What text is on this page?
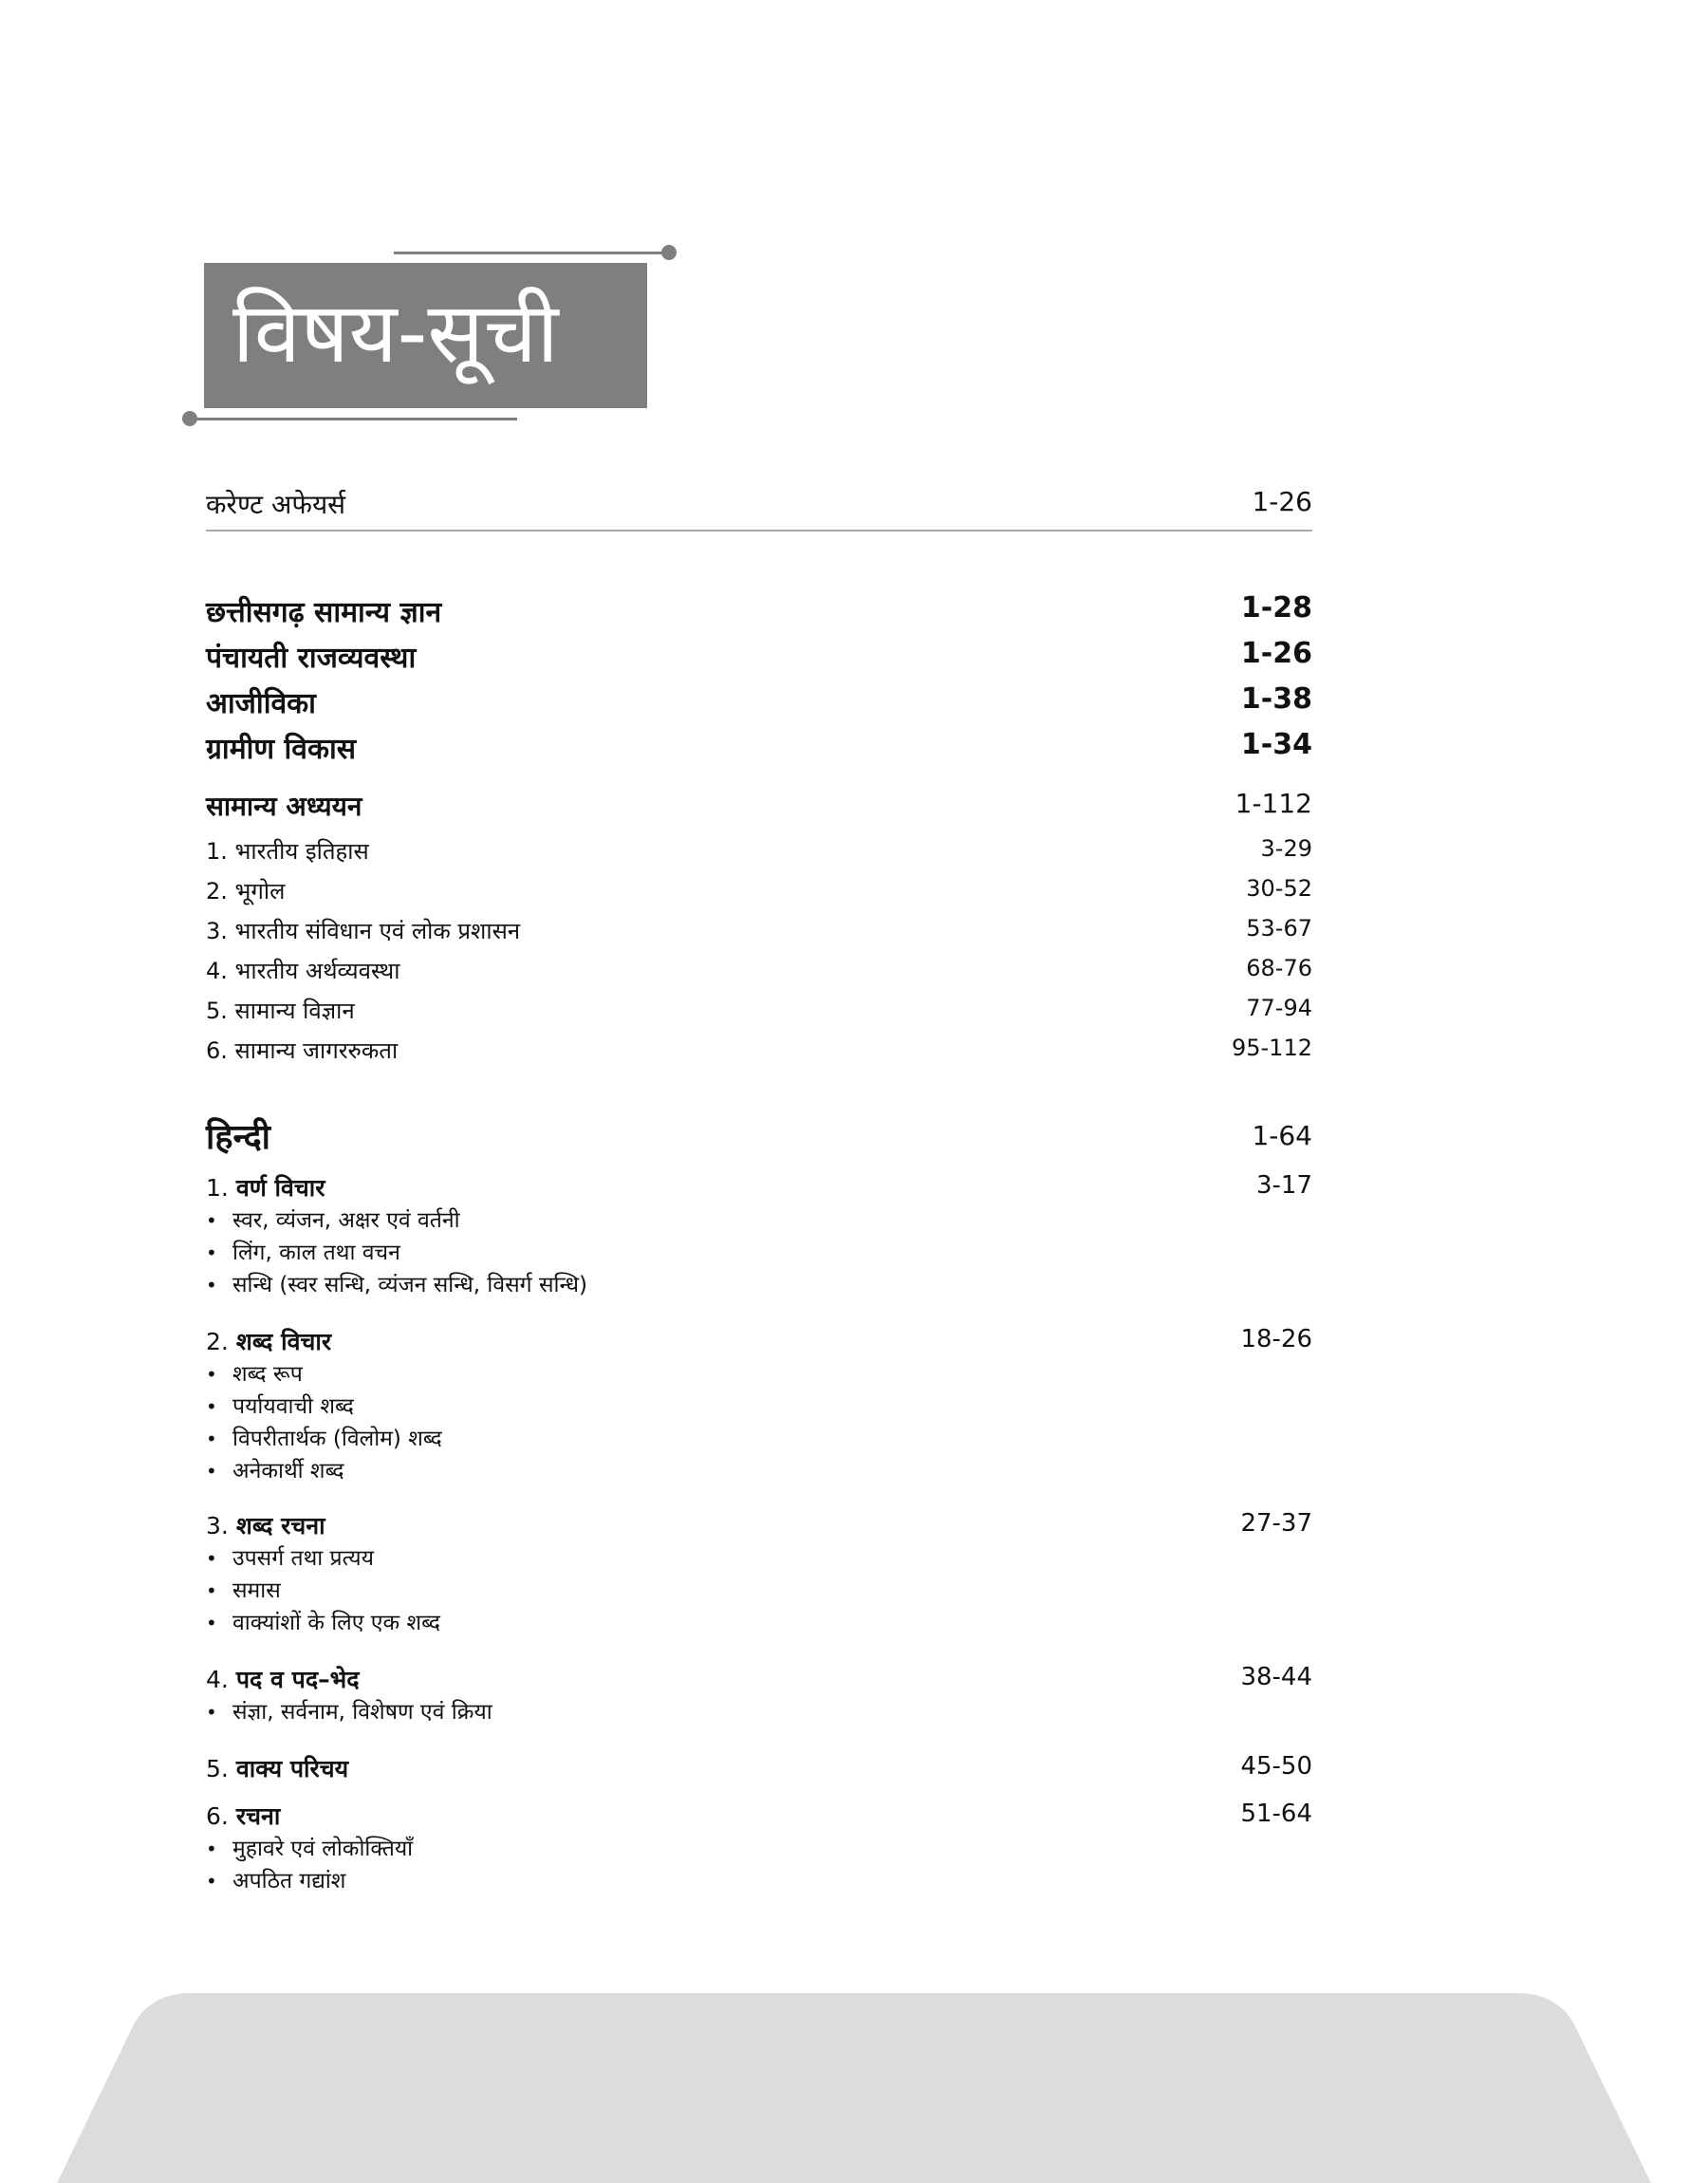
विषय-सूची
करेण्ट अफेयर्स	1-26
छत्तीसगढ़ सामान्य ज्ञान	1-28
पंचायती राजव्यवस्था	1-26
आजीविका	1-38
ग्रामीण विकास	1-34
सामान्य अध्ययन	1-112
1. भारतीय इतिहास	3-29
2. भूगोल	30-52
3. भारतीय संविधान एवं लोक प्रशासन	53-67
4. भारतीय अर्थव्यवस्था	68-76
5. सामान्य विज्ञान	77-94
6. सामान्य जागररुकता	95-112
हिन्दी	1-64
1. वर्ण विचार	3-17
• स्वर, व्यंजन, अक्षर एवं वर्तनी
• लिंग, काल तथा वचन
• सन्धि (स्वर सन्धि, व्यंजन सन्धि, विसर्ग सन्धि)
2. शब्द विचार	18-26
• शब्द रूप
• पर्यायवाची शब्द
• विपरीतार्थक (विलोम) शब्द
• अनेकार्थी शब्द
3. शब्द रचना	27-37
• उपसर्ग तथा प्रत्यय
• समास
• वाक्यांशों के लिए एक शब्द
4. पद व पद–भेद	38-44
• संज्ञा, सर्वनाम, विशेषण एवं क्रिया
5. वाक्य परिचय	45-50
6. रचना	51-64
• मुहावरे एवं लोकोक्तियाँ
• अपठित गद्यांश
